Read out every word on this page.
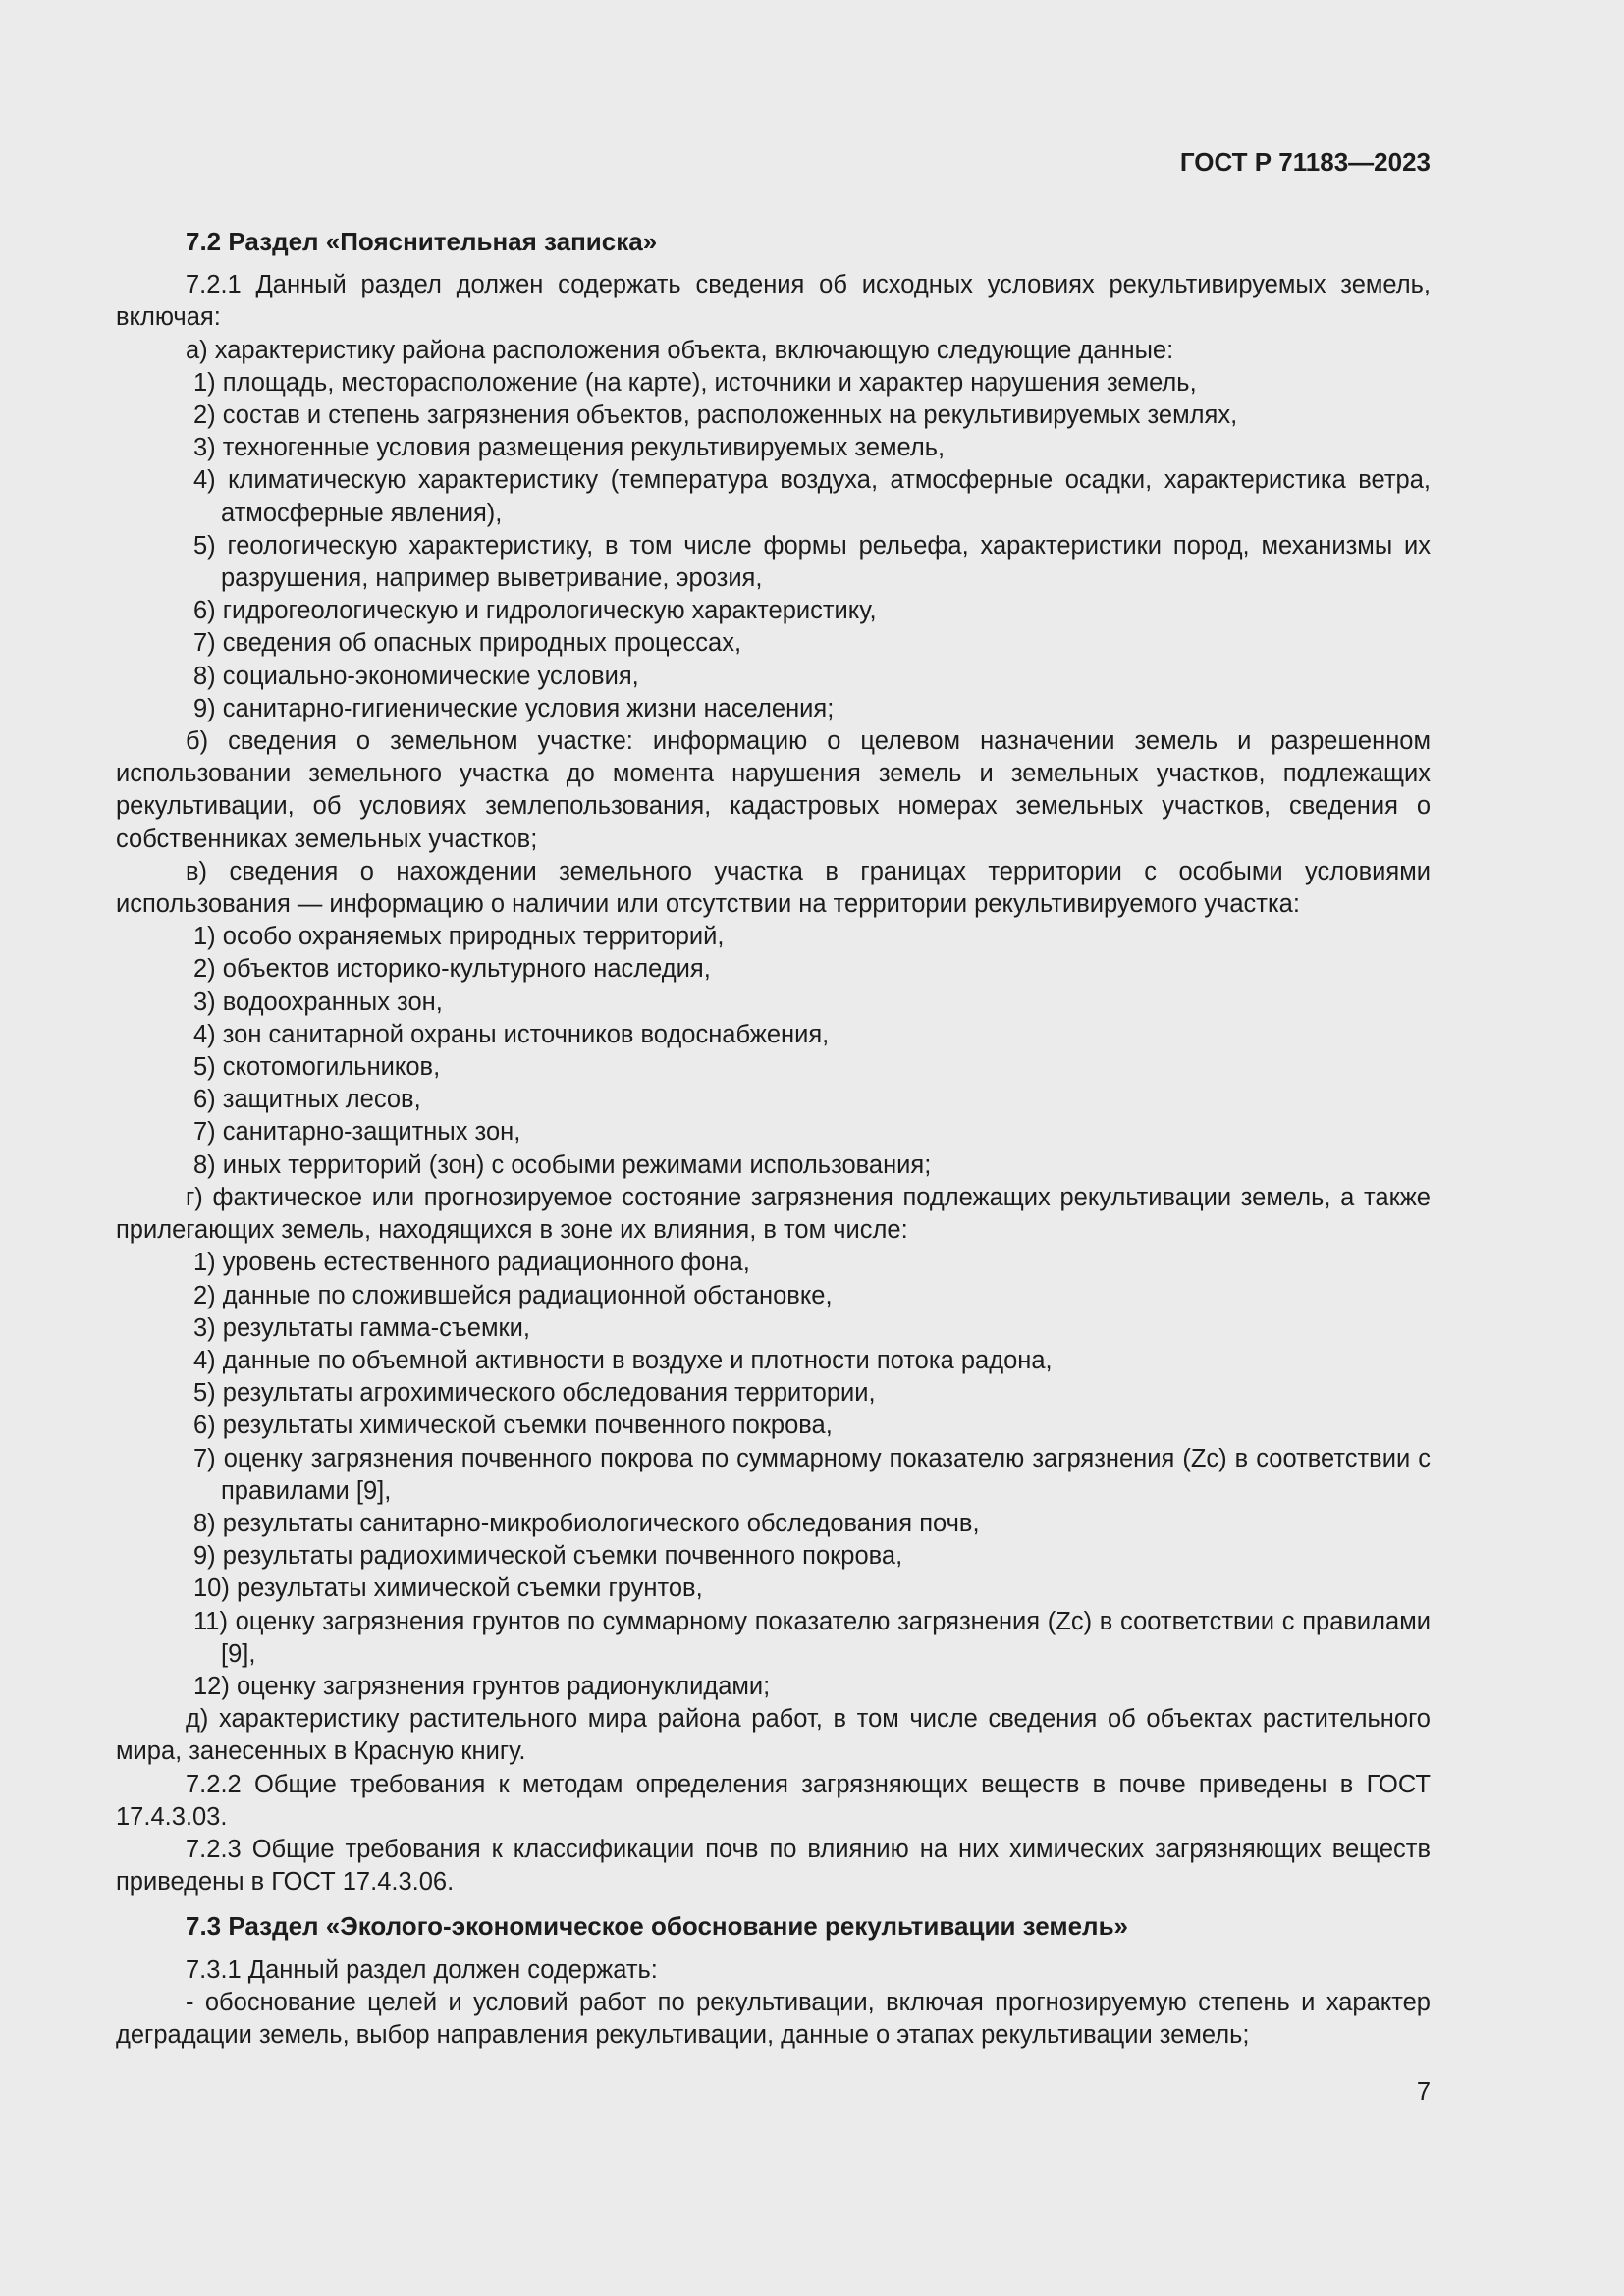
ГОСТ Р 71183—2023

7.2 Раздел «Пояснительная записка»

7.2.1 Данный раздел должен содержать сведения об исходных условиях рекультивируемых земель, включая:

а) характеристику района расположения объекта, включающую следующие данные:

1) площадь, месторасположение (на карте), источники и характер нарушения земель,

2) состав и степень загрязнения объектов, расположенных на рекультивируемых землях,

3) техногенные условия размещения рекультивируемых земель,

4) климатическую характеристику (температура воздуха, атмосферные осадки, характеристика ветра, атмосферные явления),

5) геологическую характеристику, в том числе формы рельефа, характеристики пород, механизмы их разрушения, например выветривание, эрозия,

6) гидрогеологическую и гидрологическую характеристику,

7) сведения об опасных природных процессах,

8) социально-экономические условия,

9) санитарно-гигиенические условия жизни населения;

б) сведения о земельном участке: информацию о целевом назначении земель и разрешенном использовании земельного участка до момента нарушения земель и земельных участков, подлежащих рекультивации, об условиях землепользования, кадастровых номерах земельных участков, сведения о собственниках земельных участков;

в) сведения о нахождении земельного участка в границах территории с особыми условиями использования — информацию о наличии или отсутствии на территории рекультивируемого участка:

1) особо охраняемых природных территорий,

2) объектов историко-культурного наследия,

3) водоохранных зон,

4) зон санитарной охраны источников водоснабжения,

5) скотомогильников,

6) защитных лесов,

7) санитарно-защитных зон,

8) иных территорий (зон) с особыми режимами использования;

г) фактическое или прогнозируемое состояние загрязнения подлежащих рекультивации земель, а также прилегающих земель, находящихся в зоне их влияния, в том числе:

1) уровень естественного радиационного фона,

2) данные по сложившейся радиационной обстановке,

3) результаты гамма-съемки,

4) данные по объемной активности в воздухе и плотности потока радона,

5) результаты агрохимического обследования территории,

6) результаты химической съемки почвенного покрова,

7) оценку загрязнения почвенного покрова по суммарному показателю загрязнения (Zc) в соответствии с правилами [9],

8) результаты санитарно-микробиологического обследования почв,

9) результаты радиохимической съемки почвенного покрова,

10) результаты химической съемки грунтов,

11) оценку загрязнения грунтов по суммарному показателю загрязнения (Zc) в соответствии с правилами [9],

12) оценку загрязнения грунтов радионуклидами;

д) характеристику растительного мира района работ, в том числе сведения об объектах растительного мира, занесенных в Красную книгу.

7.2.2 Общие требования к методам определения загрязняющих веществ в почве приведены в ГОСТ 17.4.3.03.

7.2.3 Общие требования к классификации почв по влиянию на них химических загрязняющих веществ приведены в ГОСТ 17.4.3.06.

7.3 Раздел «Эколого-экономическое обоснование рекультивации земель»

7.3.1 Данный раздел должен содержать:

- обоснование целей и условий работ по рекультивации, включая прогнозируемую степень и характер деградации земель, выбор направления рекультивации, данные о этапах рекультивации земель;

7
